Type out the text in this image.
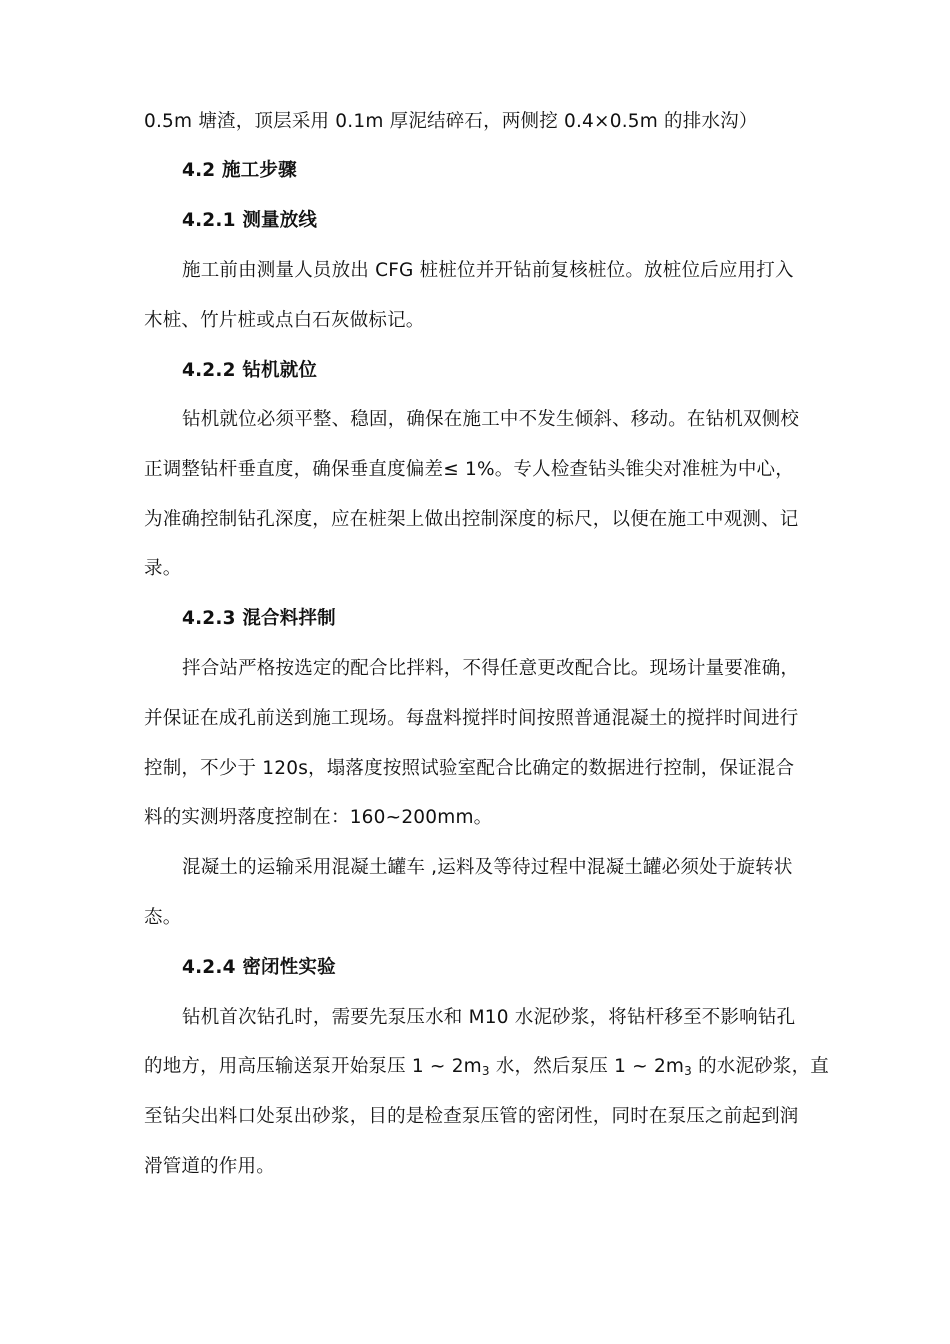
0.5m 塘渣，顶层采用 0.1m 厚泥结碎石，两侧挖 0.4×0.5m 的排水沟）
4.2 施工步骤
4.2.1 测量放线
施工前由测量人员放出 CFG 桩桩位并开钻前复核桩位。放桩位后应用打入
木桩、竹片桩或点白石灰做标记。
4.2.2 钻机就位
钻机就位必须平整、稳固，确保在施工中不发生倾斜、移动。在钻机双侧校
正调整钻杆垂直度，确保垂直度偏差≤ 1%。专人检查钻头锥尖对准桩为中心，
为准确控制钻孔深度，应在桩架上做出控制深度的标尺，以便在施工中观测、记
录。
4.2.3 混合料拌制
拌合站严格按选定的配合比拌料，不得任意更改配合比。现场计量要准确，
并保证在成孔前送到施工现场。每盘料搅拌时间按照普通混凝土的搅拌时间进行
控制，不少于 120s，塌落度按照试验室配合比确定的数据进行控制，保证混合
料的实测坍落度控制在：160~200mm。
混凝土的运输采用混凝土罐车 ,运料及等待过程中混凝土罐必须处于旋转状
态。
4.2.4 密闭性实验
钻机首次钻孔时，需要先泵压水和 M10 水泥砂浆，将钻杆移至不影响钻孔
的地方，用高压输送泵开始泵压 1 ~ $2m_3$ 水，然后泵压 1 ~ $2m_3$ 的水泥砂浆，直
至钻尖出料口处泵出砂浆，目的是检查泵压管的密闭性，同时在泵压之前起到润
滑管道的作用。
